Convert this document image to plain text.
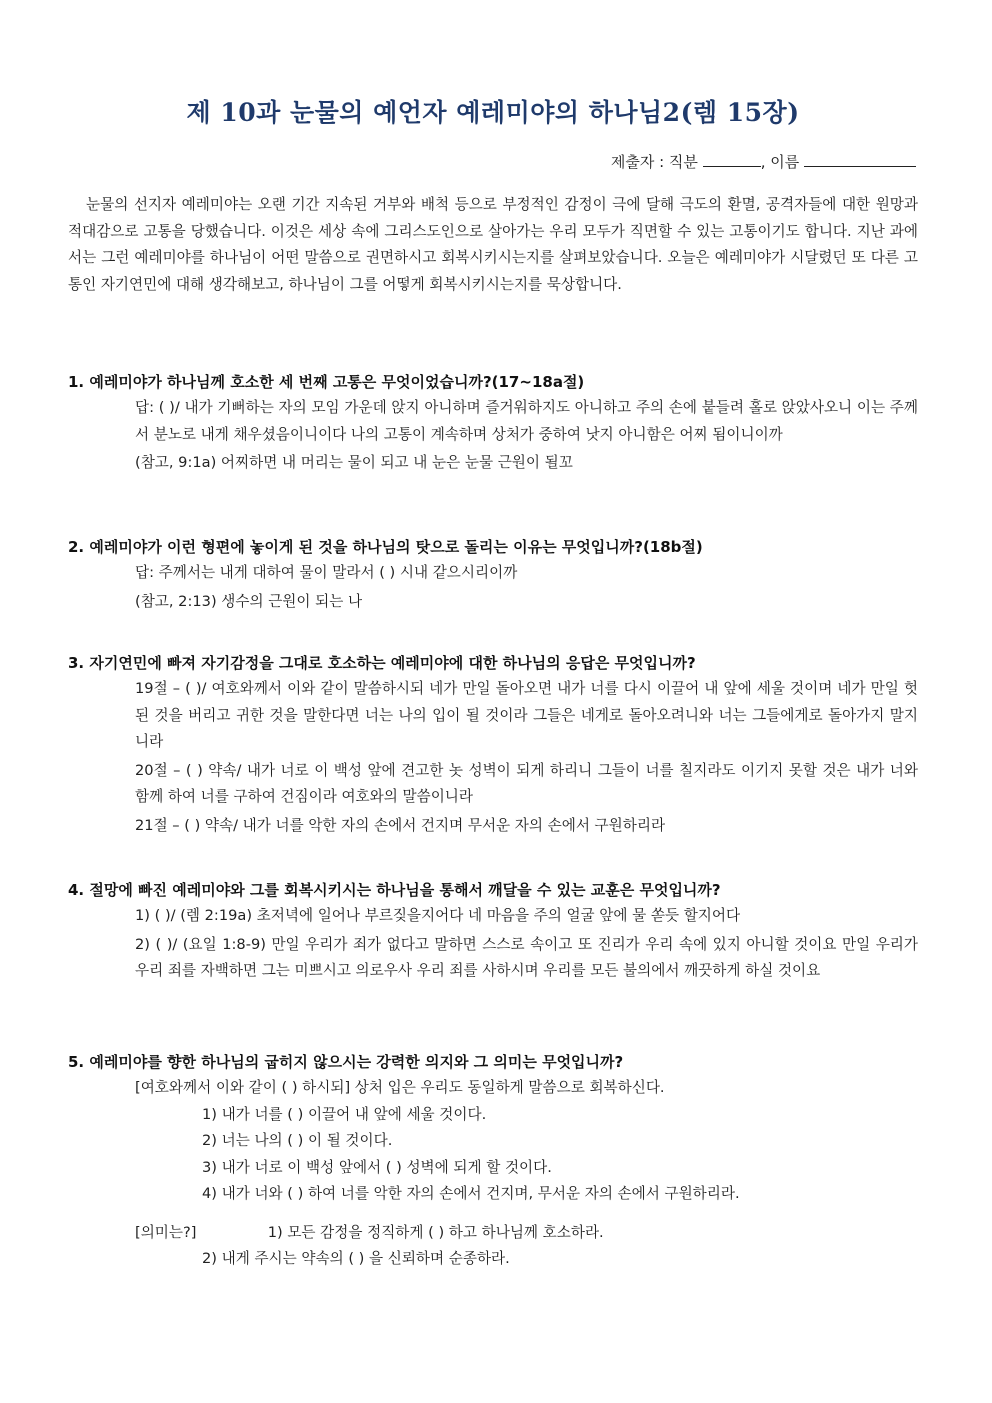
제 10과 눈물의 예언자 예레미야의 하나님2(렘 15장)
제출자 : 직분	, 이름
눈물의 선지자 예레미야는 오랜 기간 지속된 거부와 배척 등으로 부정적인 감정이 극에 달해 극도의 환멸, 공격자들에 대한 원망과 적대감으로 고통을 당했습니다. 이것은 세상 속에 그리스도인으로 살아가는 우리 모두가 직면할 수 있는 고통이기도 합니다. 지난 과에서는 그런 예레미야를 하나님이 어떤 말씀으로 권면하시고 회복시키시는지를 살펴보았습니다. 오늘은 예레미야가 시달렸던 또 다른 고통인 자기연민에 대해 생각해보고, 하나님이 그를 어떻게 회복시키시는지를 묵상합니다.
1. 예레미야가 하나님께 호소한 세 번째 고통은 무엇이었습니까?(17~18a절)
답: ( )/ 내가 기뻐하는 자의 모임 가운데 앉지 아니하며 즐거워하지도 아니하고 주의 손에 붙들려 홀로 앉았사오니 이는 주께서 분노로 내게 채우셨음이니이다 나의 고통이 계속하며 상처가 중하여 낫지 아니함은 어찌 됨이니이까
(참고, 9:1a) 어찌하면 내 머리는 물이 되고 내 눈은 눈물 근원이 될꼬
2. 예레미야가 이런 형편에 놓이게 된 것을 하나님의 탓으로 돌리는 이유는 무엇입니까?(18b절)
답: 주께서는 내게 대하여 물이 말라서 ( ) 시내 같으시리이까
(참고, 2:13) 생수의 근원이 되는 나
3. 자기연민에 빠져 자기감정을 그대로 호소하는 예레미야에 대한 하나님의 응답은 무엇입니까?
19절 – ( )/ 여호와께서 이와 같이 말씀하시되 네가 만일 돌아오면 내가 너를 다시 이끌어 내 앞에 세울 것이며 네가 만일 헛된 것을 버리고 귀한 것을 말한다면 너는 나의 입이 될 것이라 그들은 네게로 돌아오려니와 너는 그들에게로 돌아가지 말지니라
20절 – ( ) 약속/ 내가 너로 이 백성 앞에 견고한 놋 성벽이 되게 하리니 그들이 너를 칠지라도 이기지 못할 것은 내가 너와 함께 하여 너를 구하여 건짐이라 여호와의 말씀이니라
21절 – ( ) 약속/ 내가 너를 악한 자의 손에서 건지며 무서운 자의 손에서 구원하리라
4. 절망에 빠진 예레미야와 그를 회복시키시는 하나님을 통해서 깨달을 수 있는 교훈은 무엇입니까?
1) ( )/ (렘 2:19a) 초저녁에 일어나 부르짖을지어다 네 마음을 주의 얼굴 앞에 물 쏟듯 할지어다
2) ( )/ (요일 1:8-9) 만일 우리가 죄가 없다고 말하면 스스로 속이고 또 진리가 우리 속에 있지 아니할 것이요 만일 우리가 우리 죄를 자백하면 그는 미쁘시고 의로우사 우리 죄를 사하시며 우리를 모든 불의에서 깨끗하게 하실 것이요
5. 예레미야를 향한 하나님의 굽히지 않으시는 강력한 의지와 그 의미는 무엇입니까?
[여호와께서 이와 같이 ( ) 하시되] 상처 입은 우리도 동일하게 말씀으로 회복하신다.
1) 내가 너를 ( ) 이끌어 내 앞에 세울 것이다.
2) 너는 나의 ( ) 이 될 것이다.
3) 내가 너로 이 백성 앞에서 ( ) 성벽에 되게 할 것이다.
4) 내가 너와 ( ) 하여 너를 악한 자의 손에서 건지며, 무서운 자의 손에서 구원하리라.
[의미는?]	1) 모든 감정을 정직하게 ( ) 하고 하나님께 호소하라.
2) 내게 주시는 약속의 ( ) 을 신뢰하며 순종하라.
